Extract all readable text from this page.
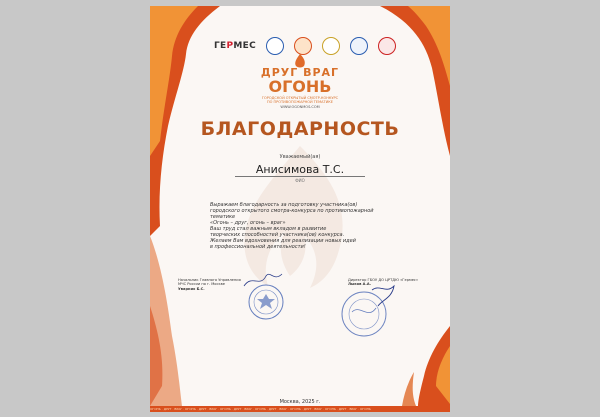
ГЕРМЕС
ДРУГ ВРАГ
ОГОНЬ
ГОРОДСКОЙ ОТКРЫТЫЙ СМОТР-КОНКУРС
ПО ПРОТИВОПОЖАРНОЙ ТЕМАТИКЕ
WWW.OGONMOS.COM
БЛАГОДАРНОСТЬ
Уважаемый(ая)
Анисимова Т.С.
ФИО
Выражаем благодарность за подготовку участника(ов)
городского открытого смотра-конкурса по противопожарной тематике
«Огонь – друг, огонь – враг»
Ваш труд стал важным вкладом в развитие
творческих способностей участника(ов) конкурса.
Желаем Вам вдохновения для реализации новых идей
в профессиональной деятельности!
Начальник Главного Управления
МЧС России по г. Москве
Уварких Б.С.
Директор ГБОУ ДО ЦРТДЮ «Гермес»
Лыков А.А.
Москва, 2025 г.
ОГОНЬ · ДРУГ · ВРАГ · ОГОНЬ · ДРУГ · ВРАГ · ОГОНЬ · ДРУГ · ВРАГ · ОГОНЬ · ДРУГ · ВРАГ · ОГОНЬ · ДРУГ · ВРАГ · ОГОНЬ · ДРУГ · ВРАГ · ОГОНЬ
